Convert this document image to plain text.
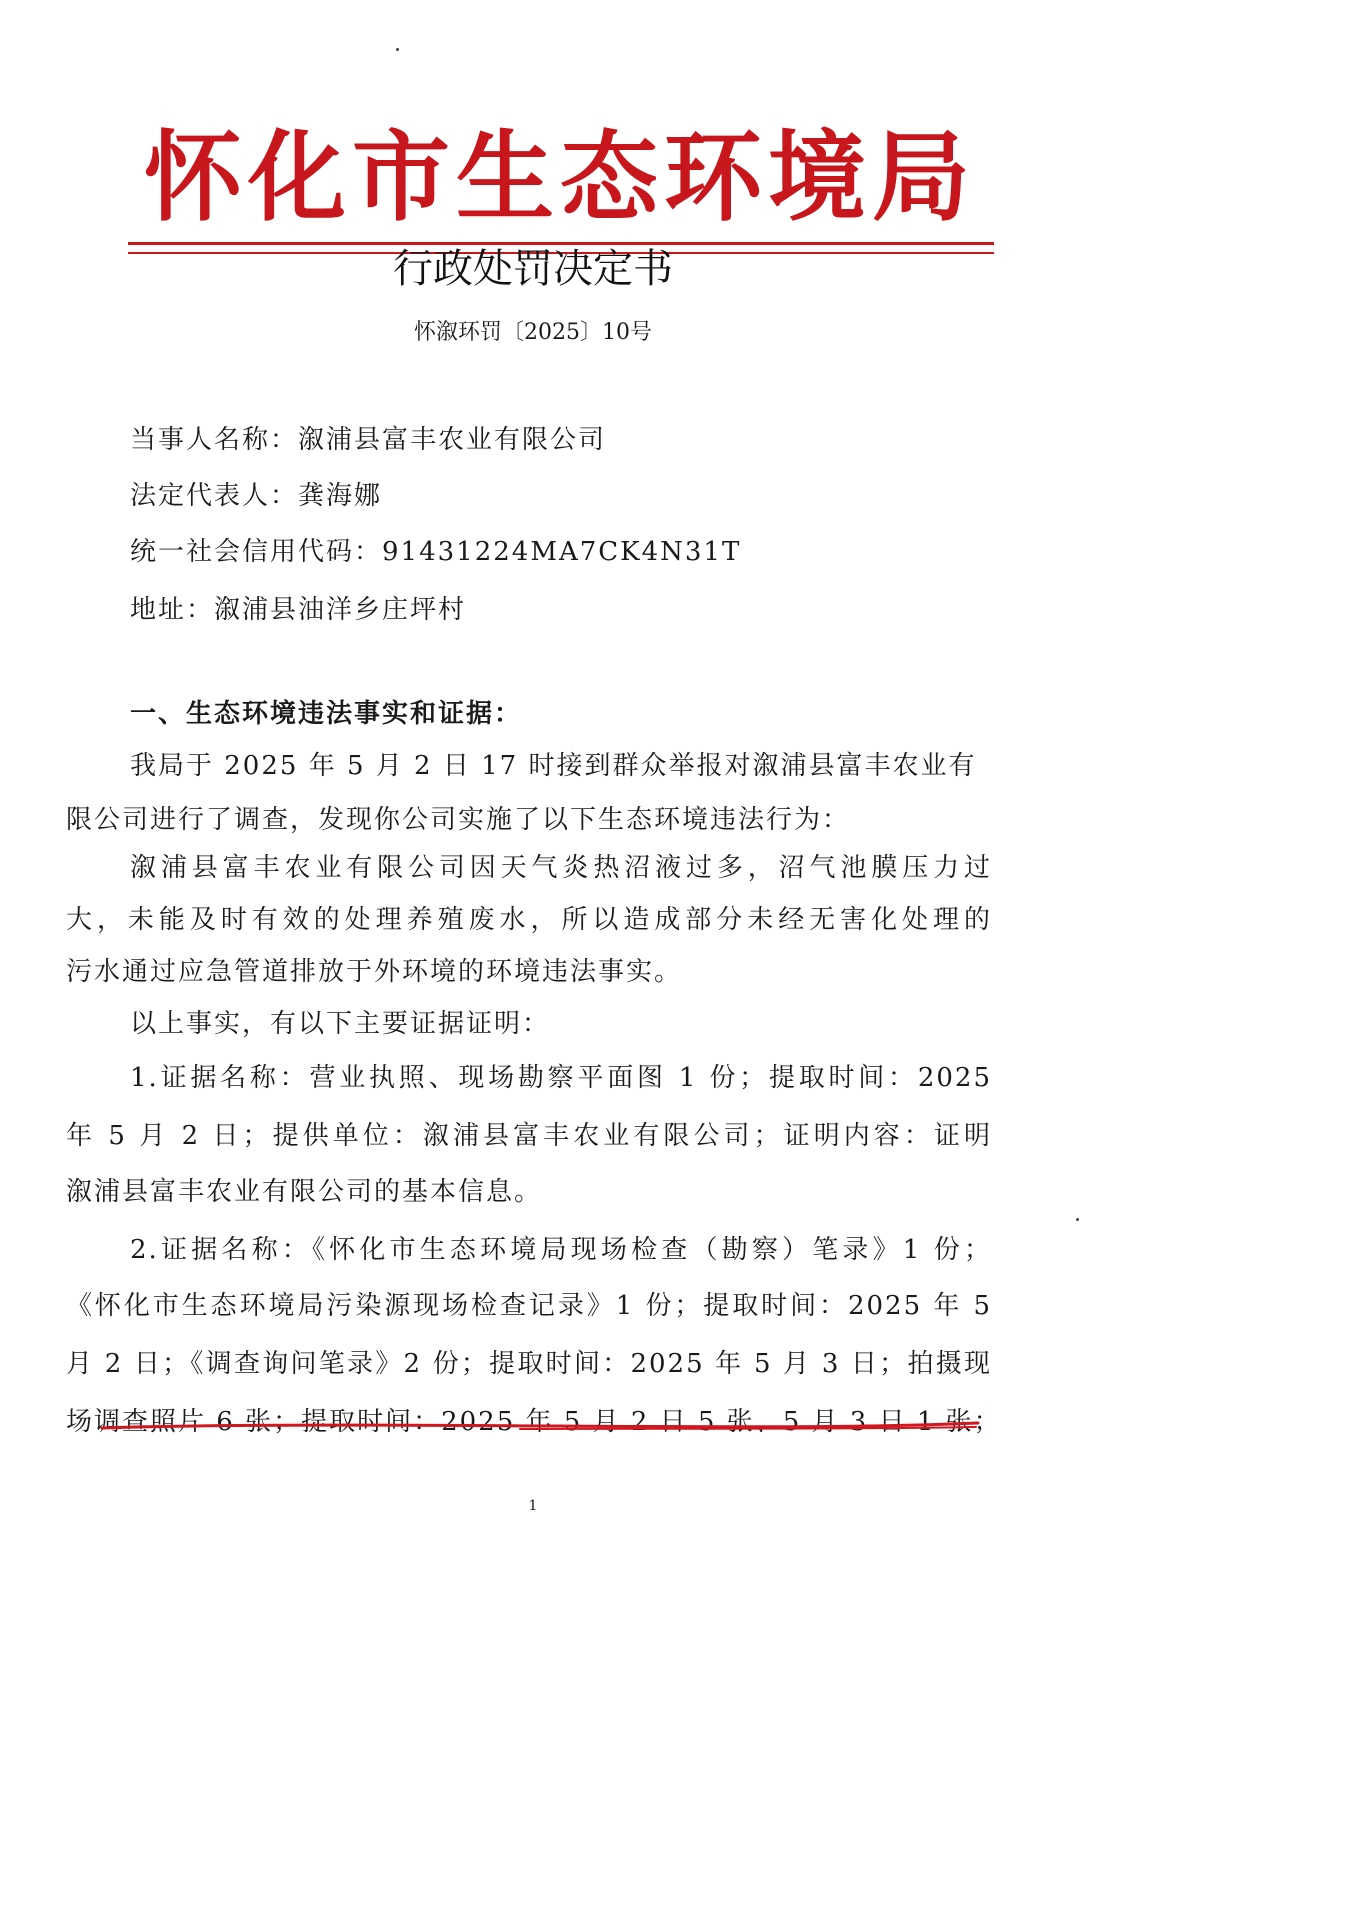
怀化市生态环境局
行政处罚决定书
怀溆环罚〔2025〕10号
当事人名称：溆浦县富丰农业有限公司
法定代表人：龚海娜
统一社会信用代码：91431224MA7CK4N31T
地址：溆浦县油洋乡庄坪村
一、生态环境违法事实和证据：
我局于 2025 年 5 月 2 日 17 时接到群众举报对溆浦县富丰农业有
限公司进行了调查，发现你公司实施了以下生态环境违法行为：
溆浦县富丰农业有限公司因天气炎热沼液过多，沼气池膜压力过
大，未能及时有效的处理养殖废水，所以造成部分未经无害化处理的
污水通过应急管道排放于外环境的环境违法事实。
以上事实，有以下主要证据证明：
1.证据名称：营业执照、现场勘察平面图 1 份；提取时间：2025
年 5 月 2 日；提供单位：溆浦县富丰农业有限公司；证明内容：证明
溆浦县富丰农业有限公司的基本信息。
2.证据名称：《怀化市生态环境局现场检查（勘察）笔录》1 份；
《怀化市生态环境局污染源现场检查记录》1 份；提取时间：2025 年 5
月 2 日；《调查询问笔录》2 份；提取时间：2025 年 5 月 3 日；拍摄现
场调查照片 6 张；提取时间：2025 年 5 月 2 日 5 张、5 月 3 日 1 张；
1
